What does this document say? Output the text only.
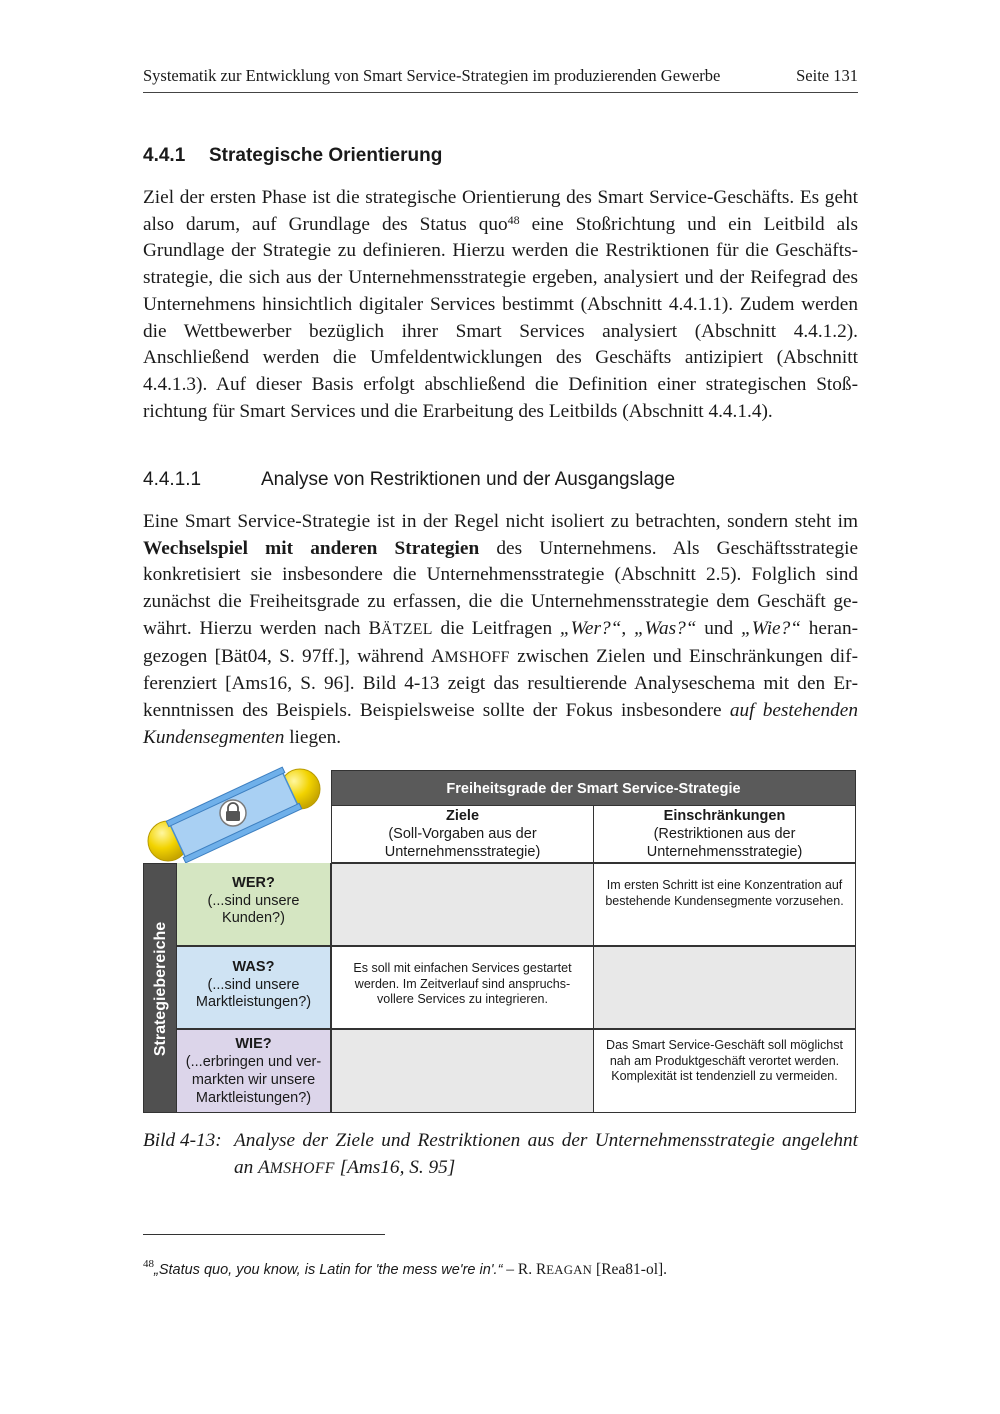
Systematik zur Entwicklung von Smart Service-Strategien im produzierenden Gewerbe	Seite 131
4.4.1 Strategische Orientierung

Ziel der ersten Phase ist die strategische Orientierung des Smart Service-Geschäfts. Es geht also darum, auf Grundlage des Status quo$^{48}$ eine Stoßrichtung und ein Leitbild als Grundlage der Strategie zu definieren. Hierzu werden die Restriktionen für die Geschäftsstrategie, die sich aus der Unternehmensstrategie ergeben, analysiert und der Reifegrad des Unternehmens hinsichtlich digitaler Services bestimmt (Abschnitt 4.4.1.1). Zudem werden die Wettbewerber bezüglich ihrer Smart Services analysiert (Abschnitt 4.4.1.2). Anschließend werden die Umfeldentwicklungen des Geschäfts antizipiert (Abschnitt 4.4.1.3). Auf dieser Basis erfolgt abschließend die Definition einer strategischen Stoßrichtung für Smart Services und die Erarbeitung des Leitbilds (Abschnitt 4.4.1.4).

4.4.1.1	Analyse von Restriktionen und der Ausgangslage

Eine Smart Service-Strategie ist in der Regel nicht isoliert zu betrachten, sondern steht im Wechselspiel mit anderen Strategien des Unternehmens. Als Geschäftsstrategie konkretisiert sie insbesondere die Unternehmensstrategie (Abschnitt 2.5). Folglich sind zunächst die Freiheitsgrade zu erfassen, die die Unternehmensstrategie dem Geschäft gewährt. Hierzu werden nach BÄTZEL die Leitfragen „Wer?“, „Was?“ und „Wie?“ herangezogen [Bät04, S. 97ff.], während AMSHOFF zwischen Zielen und Einschränkungen differenziert [Ams16, S. 96]. Bild 4-13 zeigt das resultierende Analyseschema mit den Erkenntnissen des Beispiels. Beispielsweise sollte der Fokus insbesondere auf bestehenden Kundensegmenten liegen.

Freiheitsgrade der Smart Service-Strategie
Ziele
(Soll-Vorgaben aus der Unternehmensstrategie)
Einschränkungen
(Restriktionen aus der Unternehmensstrategie)
Strategiebereiche
WER?
(...sind unsere Kunden?)
WAS?
(...sind unsere Marktleistungen?)
WIE?
(...erbringen und vermarkten wir unsere Marktleistungen?)
Im ersten Schritt ist eine Konzentration auf bestehende Kundensegmente vorzusehen.
Es soll mit einfachen Services gestartet werden. Im Zeitverlauf sind anspruchsvollere Services zu integrieren.
Das Smart Service-Geschäft soll möglichst nah am Produktgeschäft verortet werden. Komplexität ist tendenziell zu vermeiden.
Bild 4-13: Analyse der Ziele und Restriktionen aus der Unternehmensstrategie angelehnt an AMSHOFF [Ams16, S. 95]
$^{48}$„Status quo, you know, is Latin for 'the mess we're in'.“ – R. REAGAN [Rea81-ol].
